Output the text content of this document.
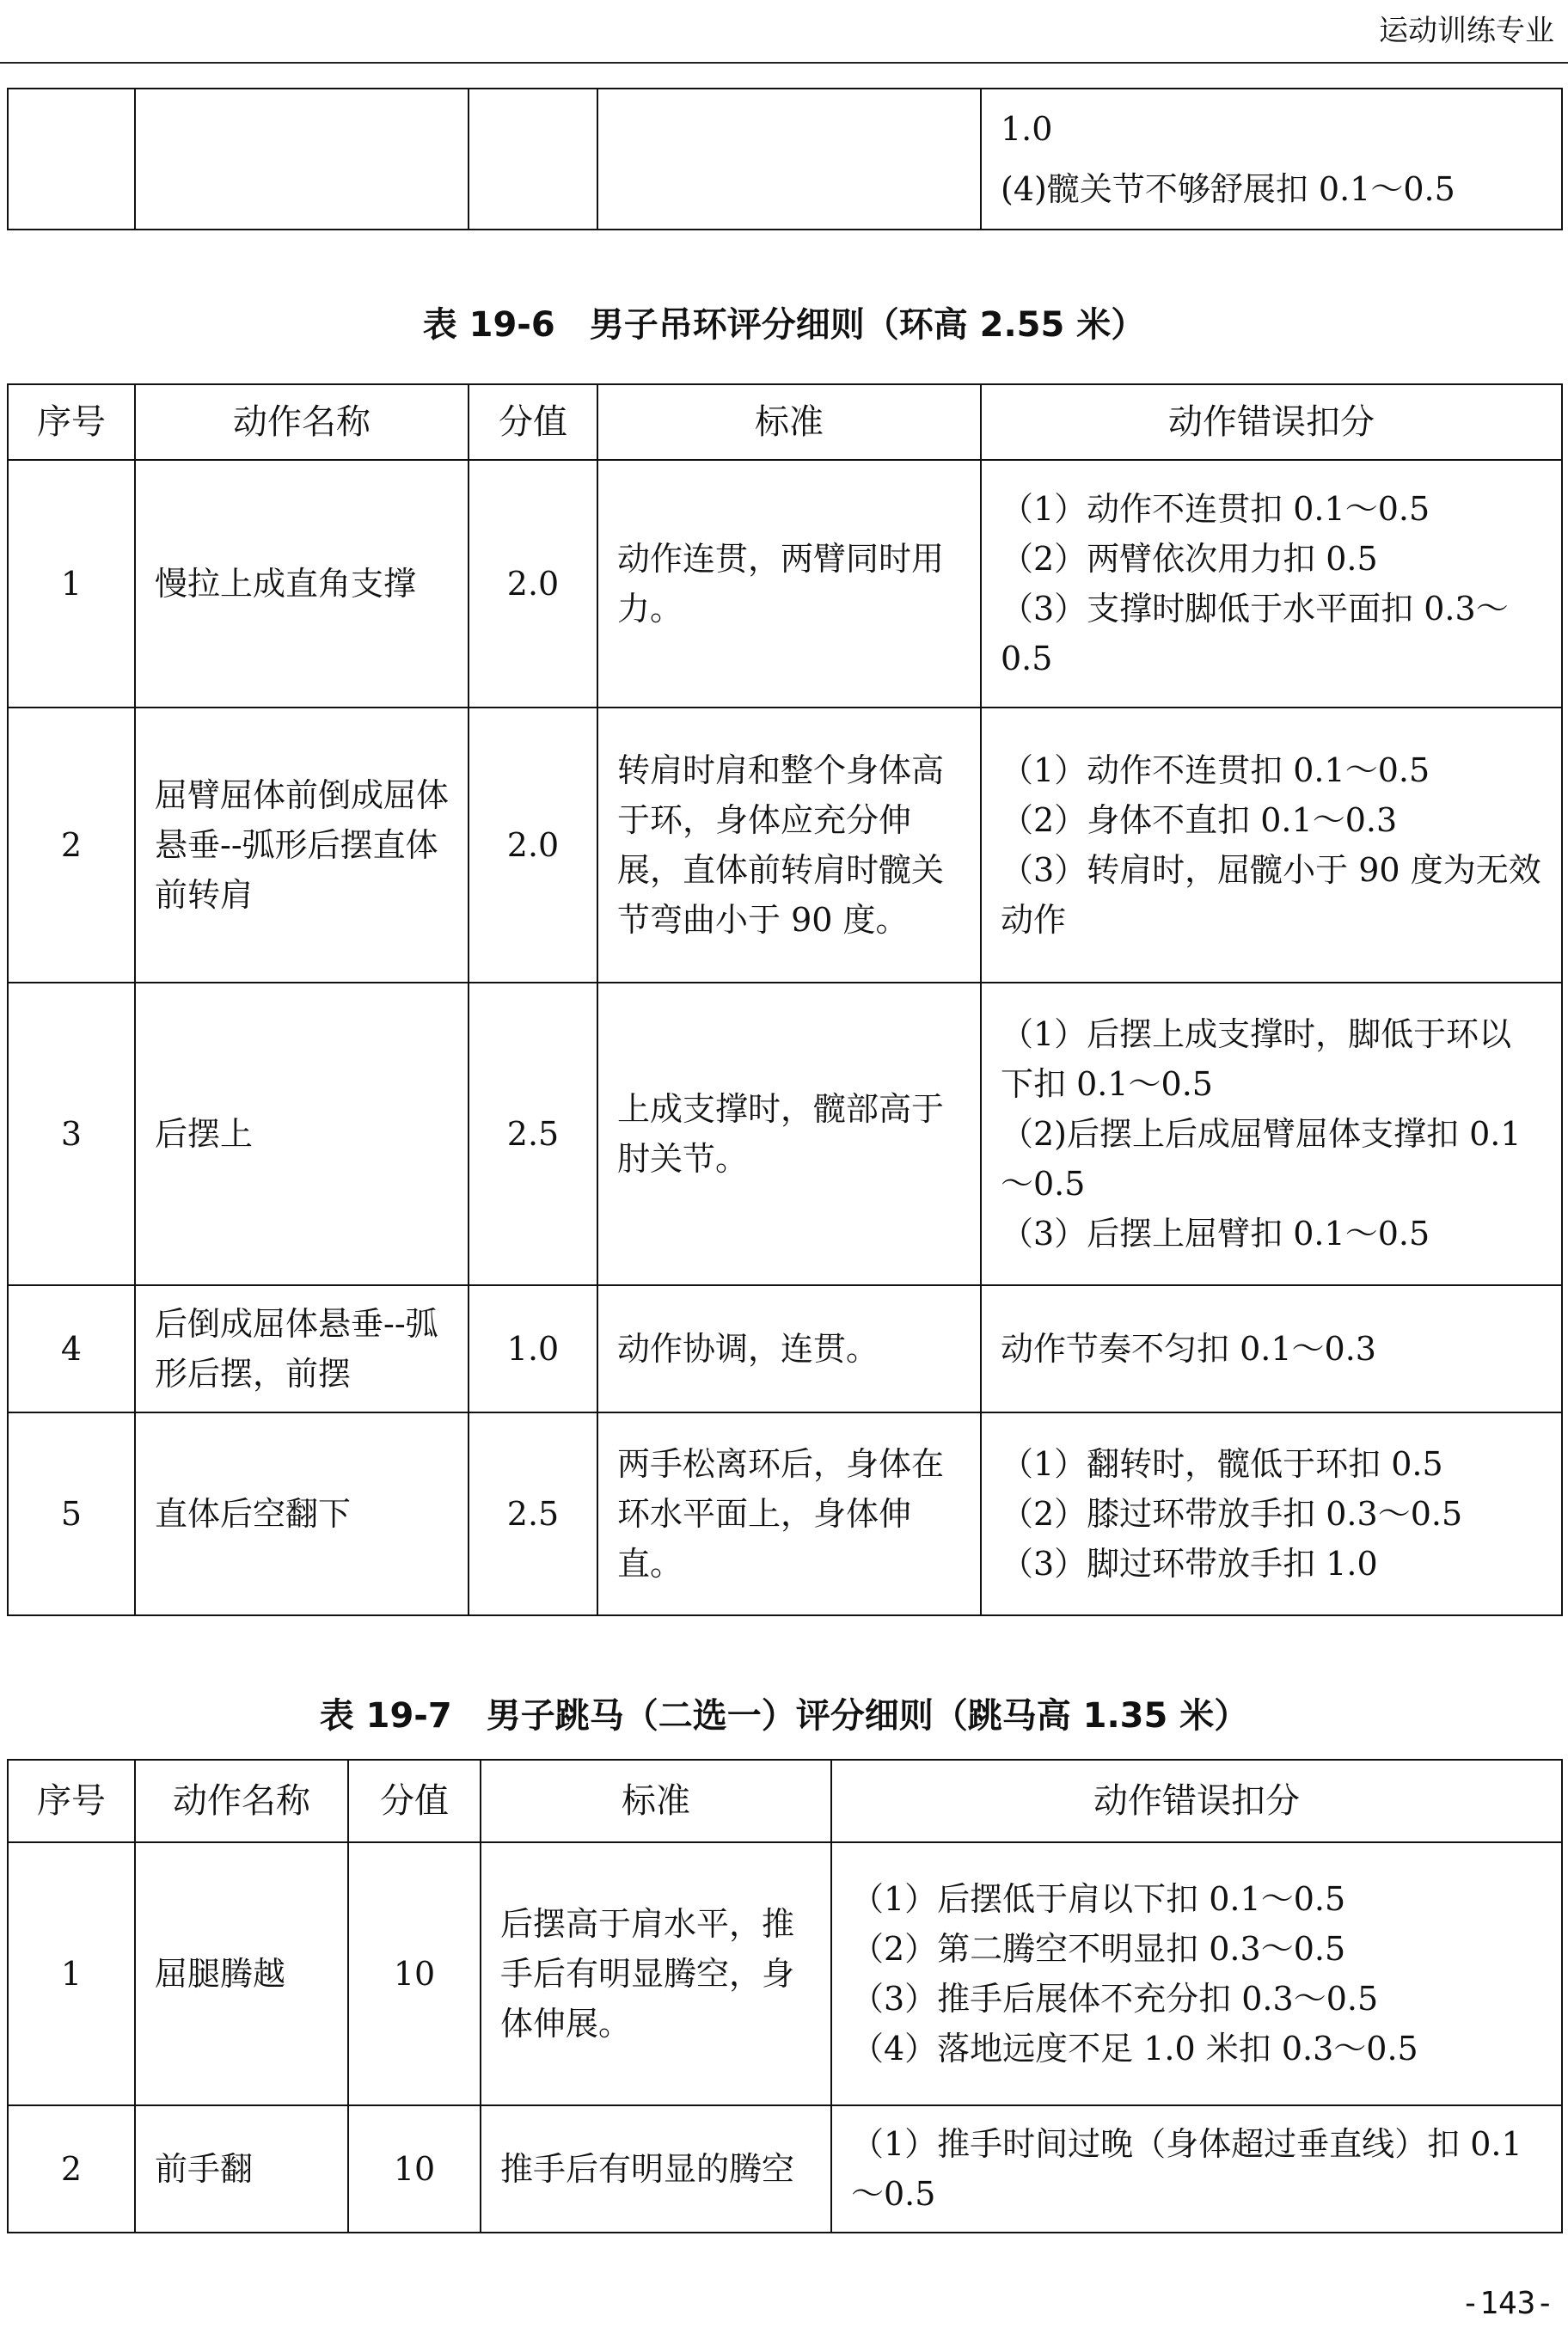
运动训练专业

1.0
(4)髋关节不够舒展扣 0.1～0.5
表 19-6　男子吊环评分细则（环高 2.55 米）
序号	动作名称	分值	标准	动作错误扣分
1	慢拉上成直角支撑	2.0	动作连贯，两臂同时用力。	（1）动作不连贯扣 0.1～0.5
（2）两臂依次用力扣 0.5
（3）支撑时脚低于水平面扣 0.3～0.5

2	屈臂屈体前倒成屈体悬垂--弧形后摆直体前转肩	2.0	转肩时肩和整个身体高于环，身体应充分伸展，直体前转肩时髋关节弯曲小于 90 度。	（1）动作不连贯扣 0.1～0.5
（2）身体不直扣 0.1～0.3
（3）转肩时，屈髋小于 90 度为无效动作

3	后摆上	2.5	上成支撑时，髋部高于肘关节。	（1）后摆上成支撑时，脚低于环以下扣 0.1～0.5
（2)后摆上后成屈臂屈体支撑扣 0.1～0.5
（3）后摆上屈臂扣 0.1～0.5

4	后倒成屈体悬垂--弧形后摆，前摆	1.0	动作协调，连贯。	动作节奏不匀扣 0.1～0.3

5	直体后空翻下	2.5	两手松离环后，身体在环水平面上，身体伸直。	（1）翻转时，髋低于环扣 0.5
（2）膝过环带放手扣 0.3～0.5
（3）脚过环带放手扣 1.0
表 19-7　男子跳马（二选一）评分细则（跳马高 1.35 米）
序号	动作名称	分值	标准	动作错误扣分
1	屈腿腾越	10	后摆高于肩水平，推手后有明显腾空，身体伸展。	（1）后摆低于肩以下扣 0.1～0.5
（2）第二腾空不明显扣 0.3～0.5
（3）推手后展体不充分扣 0.3～0.5
（4）落地远度不足 1.0 米扣 0.3～0.5

2	前手翻	10	推手后有明显的腾空	（1）推手时间过晚（身体超过垂直线）扣 0.1～0.5
-143-
